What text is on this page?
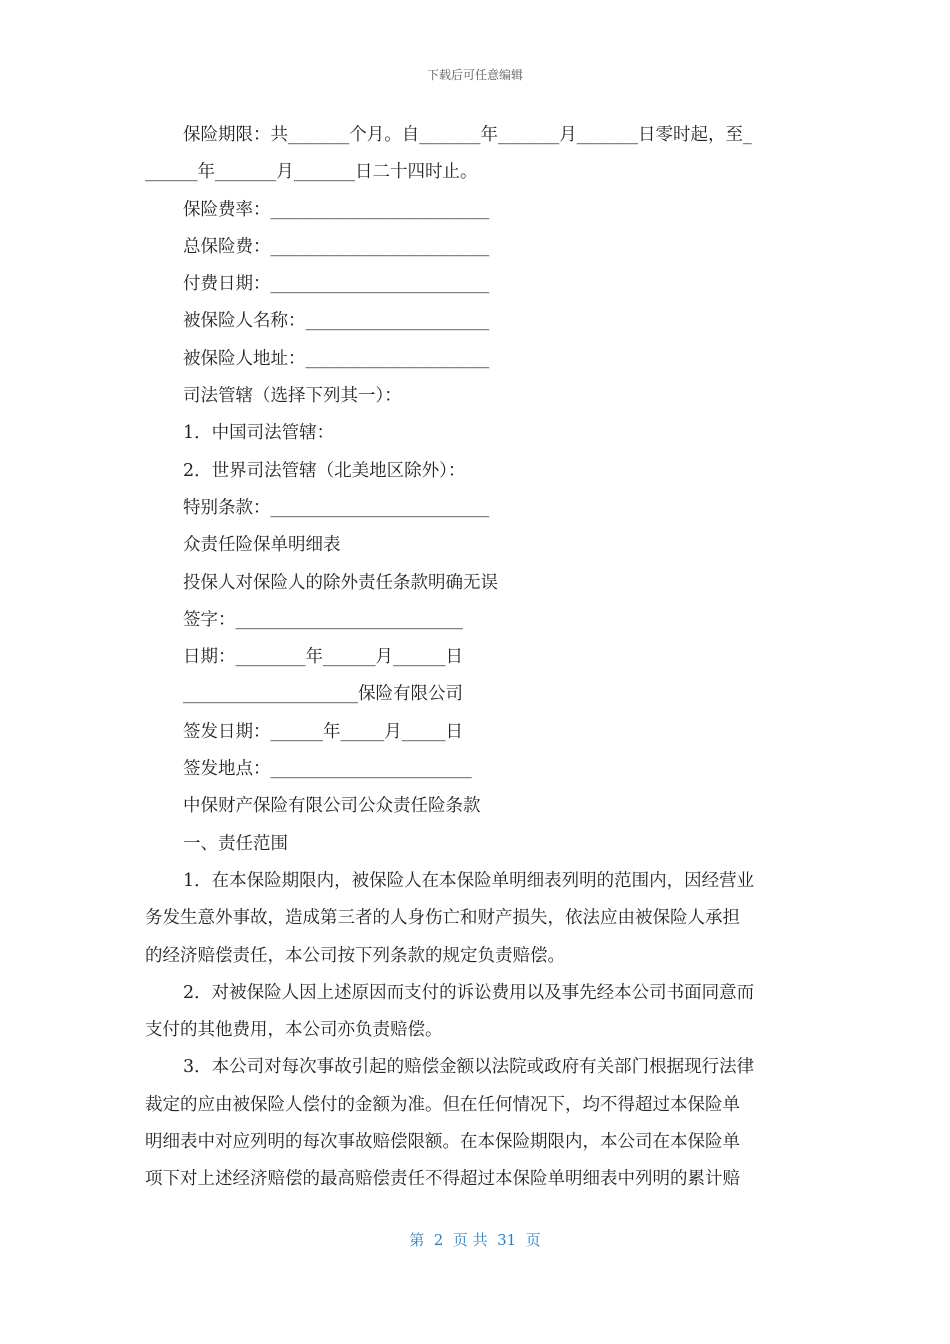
下载后可任意编辑
保险期限：共_______个月。自_______年_______月_______日零时起，至_
______年_______月_______日二十四时止。
保险费率：_________________________
总保险费：_________________________
付费日期：_________________________
被保险人名称：_____________________
被保险人地址：_____________________
司法管辖（选择下列其一）：
1．中国司法管辖：
2．世界司法管辖（北美地区除外）：
特别条款：_________________________
众责任险保单明细表
投保人对保险人的除外责任条款明确无误
签字：__________________________
日期：________年______月______日
____________________保险有限公司
签发日期：______年_____月_____日
签发地点：_______________________
中保财产保险有限公司公众责任险条款
一、责任范围
1．在本保险期限内，被保险人在本保险单明细表列明的范围内，因经营业
务发生意外事故，造成第三者的人身伤亡和财产损失，依法应由被保险人承担
的经济赔偿责任，本公司按下列条款的规定负责赔偿。
2．对被保险人因上述原因而支付的诉讼费用以及事先经本公司书面同意而
支付的其他费用，本公司亦负责赔偿。
3．本公司对每次事故引起的赔偿金额以法院或政府有关部门根据现行法律
裁定的应由被保险人偿付的金额为准。但在任何情况下，均不得超过本保险单
明细表中对应列明的每次事故赔偿限额。在本保险期限内，本公司在本保险单
项下对上述经济赔偿的最高赔偿责任不得超过本保险单明细表中列明的累计赔
第  2  页 共  31  页
